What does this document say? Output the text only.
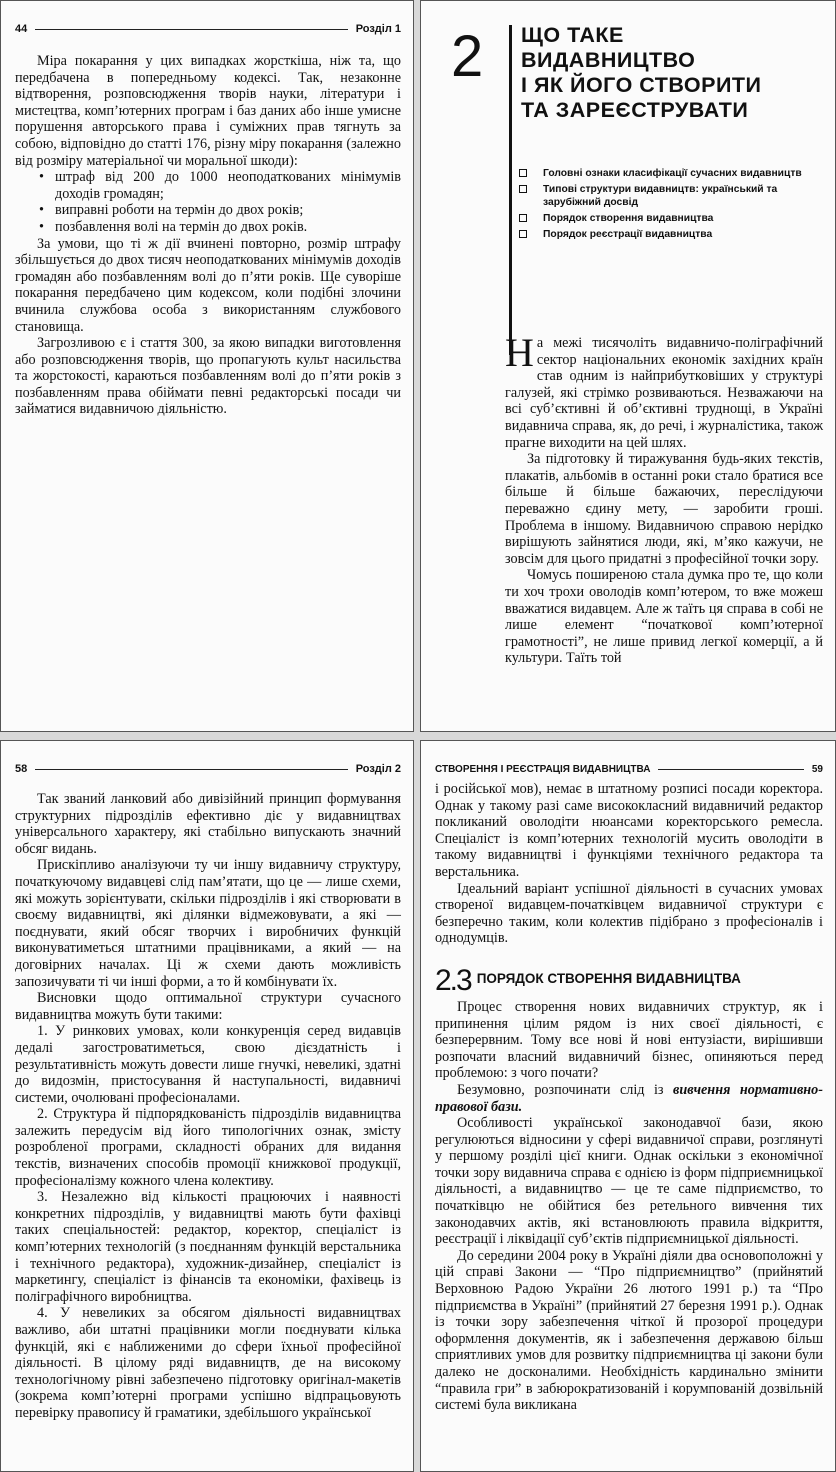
44	Розділ 1

Міра покарання у цих випадках жорсткіша, ніж та, що передбачена в попередньому кодексі. Так, незаконне відтворення, розповсюдження творів науки, літератури і мистецтва, комп’ютерних програм і баз даних або інше умисне порушення авторського права і суміжних прав тягнуть за собою, відповідно до статті 176, різну міру покарання (залежно від розміру матеріальної чи моральної шкоди):

• штраф від 200 до 1000 неоподаткованих мінімумів доходів громадян;
• виправні роботи на термін до двох років;
• позбавлення волі на термін до двох років.

За умови, що ті ж дії вчинені повторно, розмір штрафу збільшується до двох тисяч неоподаткованих мінімумів доходів громадян або позбавленням волі до п’яти років. Ще суворіше покарання передбачено цим кодексом, коли подібні злочини вчинила службова особа з використанням службового становища.

Загрозливою є і стаття 300, за якою випадки виготовлення або розповсюдження творів, що пропагують культ насильства та жорстокості, караються позбавленням волі до п’яти років з позбавленням права обіймати певні редакторські посади чи займатися видавничою діяльністю.

2 ЩО ТАКЕ
ВИДАВНИЦТВО
І ЯК ЙОГО СТВОРИТИ
ТА ЗАРЕЄСТРУВАТИ
Головні ознаки класифікації сучасних видавництв
Типові структури видавництв: український та зарубіжний досвід
Порядок створення видавництва
Порядок реєстрації видавництва

На межі тисячоліть видавничо-поліграфічний сектор національних економік західних країн став одним із найприбутковіших у структурі галузей, які стрімко розвиваються. Незважаючи на всі суб’єктивні й об’єктивні труднощі, в Україні видавнича справа, як, до речі, і журналістика, також прагне виходити на цей шлях.

За підготовку й тиражування будь-яких текстів, плакатів, альбомів в останні роки стало братися все більше й більше бажаючих, переслідуючи переважно єдину мету, — заробити гроші. Проблема в іншому. Видавничою справою нерідко вирішують зайнятися люди, які, м’яко кажучи, не зовсім для цього придатні з професійної точки зору.

Чомусь поширеною стала думка про те, що коли ти хоч трохи оволодів комп’ютером, то вже можеш вважатися видавцем. Але ж таїть ця справа в собі не лише елемент “початкової комп’ютерної грамотності”, не лише привид легкої комерції, а й культури. Таїть той

58	Розділ 2

Так званий ланковий або дивізійний принцип формування структурних підрозділів ефективно діє у видавництвах універсального характеру, які стабільно випускають значний обсяг видань.

Прискіпливо аналізуючи ту чи іншу видавничу структуру, початкуючому видавцеві слід пам’ятати, що це — лише схеми, які можуть зорієнтувати, скільки підрозділів і які створювати в своєму видавництві, які ділянки відмежовувати, а які — поєднувати, який обсяг творчих і виробничих функцій виконуватиметься штатними працівниками, а який — на договірних началах. Ці ж схеми дають можливість запозичувати ті чи інші форми, а то й комбінувати їх.

Висновки щодо оптимальної структури сучасного видавництва можуть бути такими:

1. У ринкових умовах, коли конкуренція серед видавців дедалі загостроватиметься, свою дієздатність і результативність можуть довести лише гнучкі, невеликі, здатні до видозмін, пристосування й наступальності, видавничі системи, очолювані професіоналами.

2. Структура й підпорядкованість підрозділів видавництва залежить передусім від його типологічних ознак, змісту розробленої програми, складності обраних для видання текстів, визначених способів промоції книжкової продукції, професіоналізму кожного члена колективу.

3. Незалежно від кількості працюючих і наявності конкретних підрозділів, у видавництві мають бути фахівці таких спеціальностей: редактор, коректор, спеціаліст із комп’ютерних технологій (з поєднанням функцій верстальника і технічного редактора), художник-дизайнер, спеціаліст із маркетингу, спеціаліст із фінансів та економіки, фахівець із поліграфічного виробництва.

4. У невеликих за обсягом діяльності видавництвах важливо, аби штатні працівники могли поєднувати кілька функцій, які є наближеними до сфери їхньої професійної діяльності. В цілому ряді видавництв, де на високому технологічному рівні забезпечено підготовку оригінал-макетів (зокрема комп’ютерні програми успішно відпрацьовують перевірку правопису й граматики, здебільшого української

СТВОРЕННЯ І РЕЄСТРАЦІЯ ВИДАВНИЦТВА	59

і російської мов), немає в штатному розписі посади коректора. Однак у такому разі саме висококласний видавничий редактор покликаний оволодіти нюансами коректорського ремесла. Спеціаліст із комп’ютерних технологій мусить оволодіти в такому видавництві і функціями технічного редактора та верстальника.

Ідеальний варіант успішної діяльності в сучасних умовах створеної видавцем-початківцем видавничої структури є безперечно таким, коли колектив підібрано з професіоналів і однодумців.

2.3 ПОРЯДОК СТВОРЕННЯ ВИДАВНИЦТВА

Процес створення нових видавничих структур, як і припинення цілим рядом із них своєї діяльності, є безперервним. Тому все нові й нові ентузіасти, вирішивши розпочати власний видавничий бізнес, опиняються перед проблемою: з чого почати?

Безумовно, розпочинати слід із вивчення нормативно-правової бази.

Особливості української законодавчої бази, якою регулюються відносини у сфері видавничої справи, розглянуті у першому розділі цієї книги. Однак оскільки з економічної точки зору видавнича справа є однією із форм підприємницької діяльності, а видавництво — це те саме підприємство, то початківцю не обійтися без ретельного вивчення тих законодавчих актів, які встановлюють правила відкриття, реєстрації і ліквідації суб’єктів підприємницької діяльності.

До середини 2004 року в Україні діяли два основоположні у цій справі Закони — “Про підприємництво” (прийнятий Верховною Радою України 26 лютого 1991 р.) та “Про підприємства в Україні” (прийнятий 27 березня 1991 р.). Однак із точки зору забезпечення чіткої й прозорої процедури оформлення документів, як і забезпечення державою більш сприятливих умов для розвитку підприємництва ці закони були далеко не досконалими. Необхідність кардинально змінити “правила гри” в забюрократизованій і корумпованій дозвільній системі була викликана
